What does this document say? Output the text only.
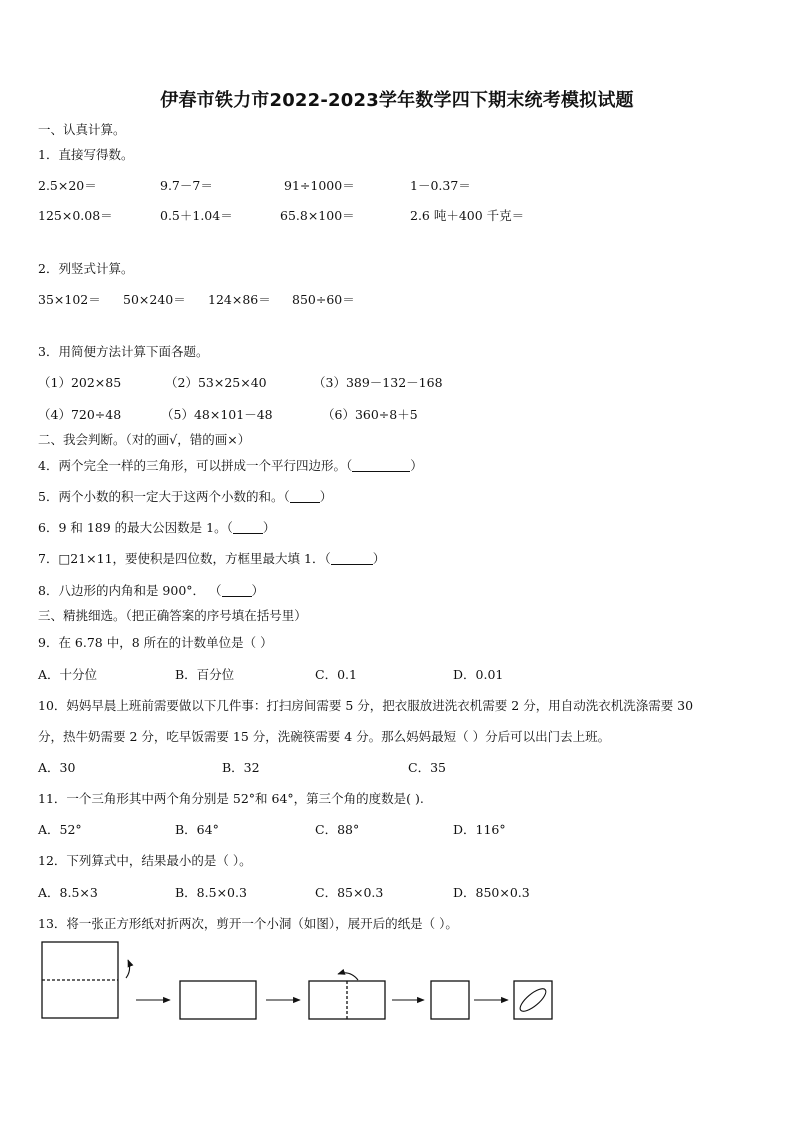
伊春市铁力市2022-2023学年数学四下期末统考模拟试题
一、认真计算。
1．直接写得数。
2.5×20＝	9.7－7＝	91÷1000＝	1－0.37＝
125×0.08＝	0.5＋1.04＝	65.8×100＝	2.6 吨＋400 千克＝
2．列竖式计算。
35×102＝ 50×240＝ 124×86＝ 850÷60＝
3．用简便方法计算下面各题。
（1）202×85	（2）53×25×40	（3）389－132－168
（4）720÷48	（5）48×101－48	（6）360÷8＋5
二、我会判断。（对的画√，错的画×）
4．两个完全一样的三角形，可以拼成一个平行四边形。（	）
5．两个小数的积一定大于这两个小数的和。（ ）
6．9 和 189 的最大公因数是 1。（ ）
7．□21×11，要使积是四位数，方框里最大填 1．（	）
8．八边形的内角和是 900°． （ ）
三、精挑细选。（把正确答案的序号填在括号里）
9．在 6.78 中，8 所在的计数单位是（ ）
A．十分位	B．百分位	C．0.1	D．0.01
10．妈妈早晨上班前需要做以下几件事：打扫房间需要 5 分，把衣服放进洗衣机需要 2 分，用自动洗衣机洗涤需要 30
分，热牛奶需要 2 分，吃早饭需要 15 分，洗碗筷需要 4 分。那么妈妈最短（ ）分后可以出门去上班。
A．30	B．32	C．35
11．一个三角形其中两个角分别是 52°和 64°，第三个角的度数是( ).
A．52°	B．64°	C．88°	D．116°
12．下列算式中，结果最小的是（ ）。
A．8.5×3	B．8.5×0.3	C．85×0.3	D．850×0.3
13．将一张正方形纸对折两次，剪开一个小洞（如图），展开后的纸是（ ）。
